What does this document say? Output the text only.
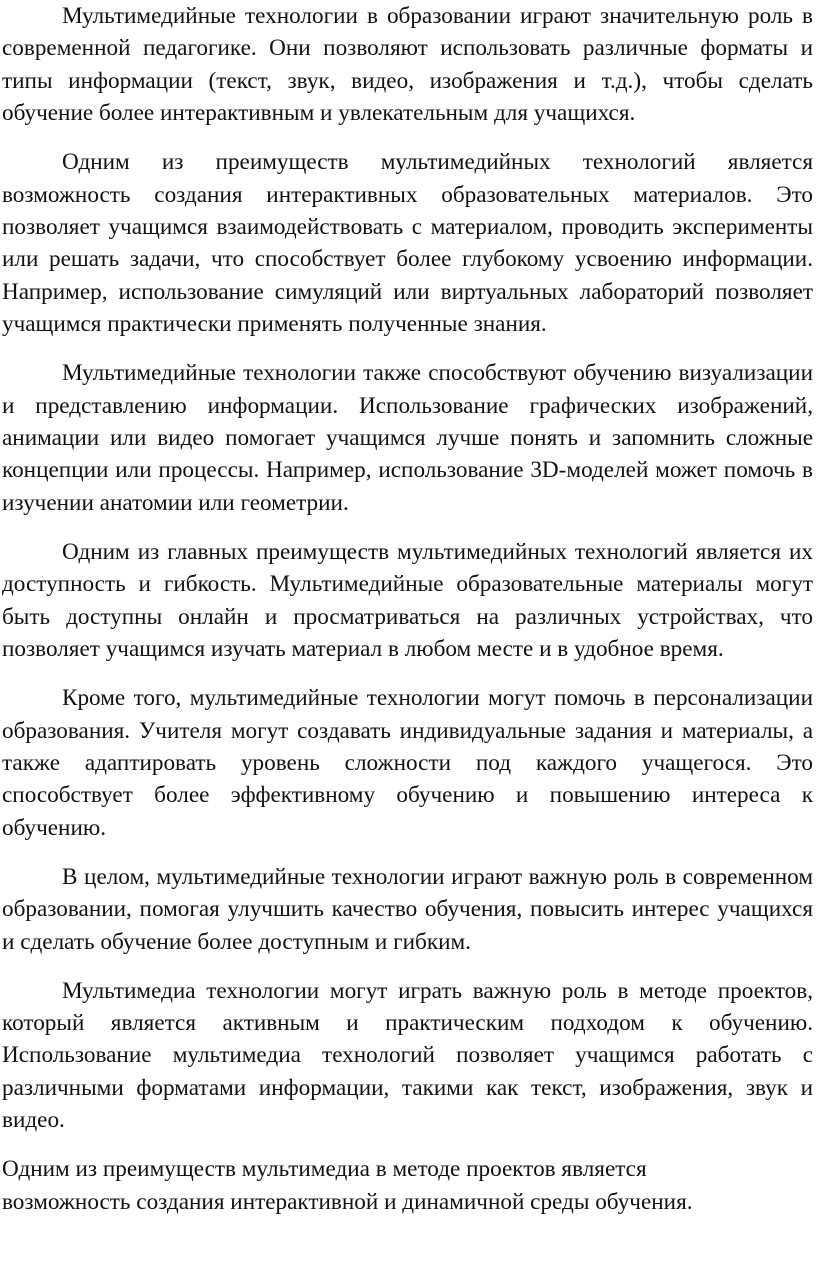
Мультимедийные технологии в образовании играют значительную роль в современной педагогике. Они позволяют использовать различные форматы и типы информации (текст, звук, видео, изображения и т.д.), чтобы сделать обучение более интерактивным и увлекательным для учащихся.

Одним из преимуществ мультимедийных технологий является возможность создания интерактивных образовательных материалов. Это позволяет учащимся взаимодействовать с материалом, проводить эксперименты или решать задачи, что способствует более глубокому усвоению информации. Например, использование симуляций или виртуальных лабораторий позволяет учащимся практически применять полученные знания.

Мультимедийные технологии также способствуют обучению визуализации и представлению информации. Использование графических изображений, анимации или видео помогает учащимся лучше понять и запомнить сложные концепции или процессы. Например, использование 3D-моделей может помочь в изучении анатомии или геометрии.

Одним из главных преимуществ мультимедийных технологий является их доступность и гибкость. Мультимедийные образовательные материалы могут быть доступны онлайн и просматриваться на различных устройствах, что позволяет учащимся изучать материал в любом месте и в удобное время.

Кроме того, мультимедийные технологии могут помочь в персонализации образования. Учителя могут создавать индивидуальные задания и материалы, а также адаптировать уровень сложности под каждого учащегося. Это способствует более эффективному обучению и повышению интереса к обучению.

В целом, мультимедийные технологии играют важную роль в современном образовании, помогая улучшить качество обучения, повысить интерес учащихся и сделать обучение более доступным и гибким.

Мультимедиа технологии могут играть важную роль в методе проектов, который является активным и практическим подходом к обучению. Использование мультимедиа технологий позволяет учащимся работать с различными форматами информации, такими как текст, изображения, звук и видео.

Одним из преимуществ мультимедиа в методе проектов является
возможность создания интерактивной и динамичной среды обучения.
